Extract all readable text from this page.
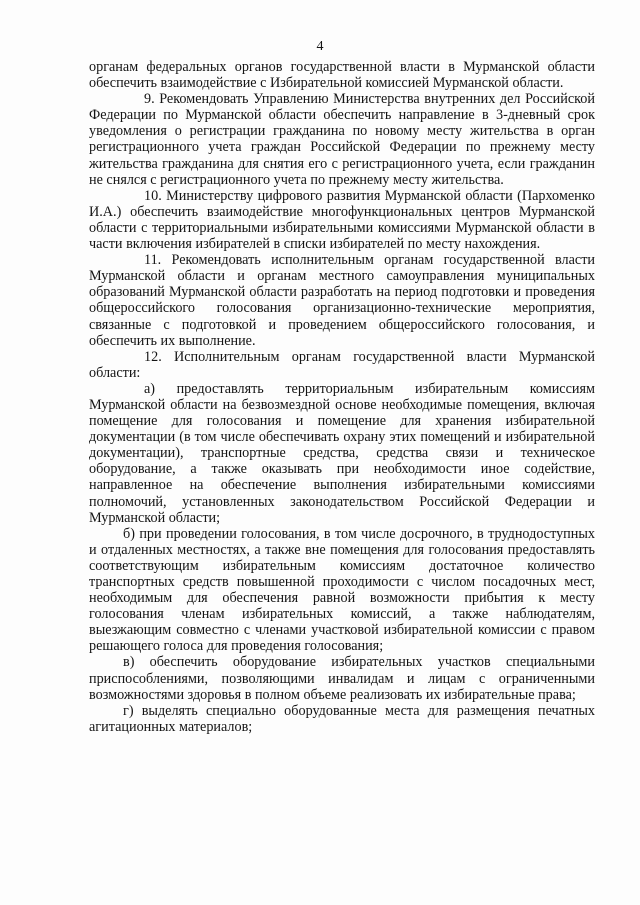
4

органам федеральных органов государственной власти в Мурманской области обеспечить взаимодействие с Избирательной комиссией Мурманской области.

9. Рекомендовать Управлению Министерства внутренних дел Российской Федерации по Мурманской области обеспечить направление в 3-дневный срок уведомления о регистрации гражданина по новому месту жительства в орган регистрационного учета граждан Российской Федерации по прежнему месту жительства гражданина для снятия его с регистрационного учета, если гражданин не снялся с регистрационного учета по прежнему месту жительства.

10. Министерству цифрового развития Мурманской области (Пархоменко И.А.) обеспечить взаимодействие многофункциональных центров Мурманской области с территориальными избирательными комиссиями Мурманской области в части включения избирателей в списки избирателей по месту нахождения.

11. Рекомендовать исполнительным органам государственной власти Мурманской области и органам местного самоуправления муниципальных образований Мурманской области разработать на период подготовки и проведения общероссийского голосования организационно-технические мероприятия, связанные с подготовкой и проведением общероссийского голосования, и обеспечить их выполнение.

12. Исполнительным органам государственной власти Мурманской области:

а) предоставлять территориальным избирательным комиссиям Мурманской области на безвозмездной основе необходимые помещения, включая помещение для голосования и помещение для хранения избирательной документации (в том числе обеспечивать охрану этих помещений и избирательной документации), транспортные средства, средства связи и техническое оборудование, а также оказывать при необходимости иное содействие, направленное на обеспечение выполнения избирательными комиссиями полномочий, установленных законодательством Российской Федерации и Мурманской области;

б) при проведении голосования, в том числе досрочного, в труднодоступных и отдаленных местностях, а также вне помещения для голосования предоставлять соответствующим избирательным комиссиям достаточное количество транспортных средств повышенной проходимости с числом посадочных мест, необходимым для обеспечения равной возможности прибытия к месту голосования членам избирательных комиссий, а также наблюдателям, выезжающим совместно с членами участковой избирательной комиссии с правом решающего голоса для проведения голосования;

в) обеспечить оборудование избирательных участков специальными приспособлениями, позволяющими инвалидам и лицам с ограниченными возможностями здоровья в полном объеме реализовать их избирательные права;

г) выделять специально оборудованные места для размещения печатных агитационных материалов;
